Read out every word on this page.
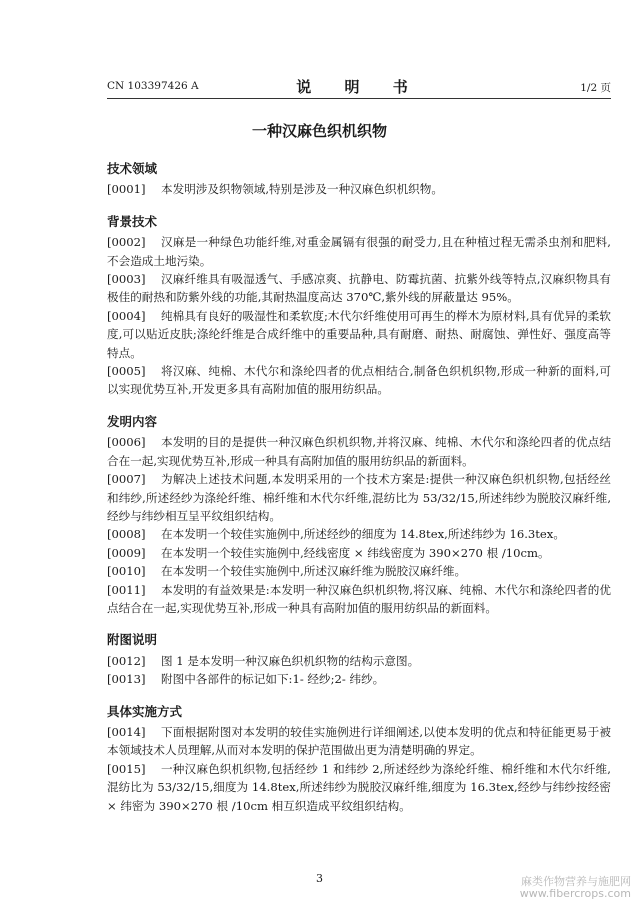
CN 103397426 A	说 明 书	1/2 页
一种汉麻色织机织物
技术领域
[0001]	本发明涉及织物领域,特别是涉及一种汉麻色织机织物。
背景技术
[0002]	汉麻是一种绿色功能纤维,对重金属镉有很强的耐受力,且在种植过程无需杀虫剂和肥料,不会造成土地污染。
[0003]	汉麻纤维具有吸湿透气、手感凉爽、抗静电、防霉抗菌、抗紫外线等特点,汉麻织物具有极佳的耐热和防紫外线的功能,其耐热温度高达 370℃,紫外线的屏蔽量达 95%。
[0004]	纯棉具有良好的吸湿性和柔软度;木代尔纤维使用可再生的榉木为原材料,具有优异的柔软度,可以贴近皮肤;涤纶纤维是合成纤维中的重要品种,具有耐磨、耐热、耐腐蚀、弹性好、强度高等特点。
[0005]	将汉麻、纯棉、木代尔和涤纶四者的优点相结合,制备色织机织物,形成一种新的面料,可以实现优势互补,开发更多具有高附加值的服用纺织品。
发明内容
[0006]	本发明的目的是提供一种汉麻色织机织物,并将汉麻、纯棉、木代尔和涤纶四者的优点结合在一起,实现优势互补,形成一种具有高附加值的服用纺织品的新面料。
[0007]	为解决上述技术问题,本发明采用的一个技术方案是:提供一种汉麻色织机织物,包括经丝和纬纱,所述经纱为涤纶纤维、棉纤维和木代尔纤维,混纺比为 53/32/15,所述纬纱为脱胶汉麻纤维,经纱与纬纱相互呈平纹组织结构。
[0008]	在本发明一个较佳实施例中,所述经纱的细度为 14.8tex,所述纬纱为 16.3tex。
[0009]	在本发明一个较佳实施例中,经线密度 × 纬线密度为 390×270 根 /10cm。
[0010]	在本发明一个较佳实施例中,所述汉麻纤维为脱胶汉麻纤维。
[0011]	本发明的有益效果是:本发明一种汉麻色织机织物,将汉麻、纯棉、木代尔和涤纶四者的优点结合在一起,实现优势互补,形成一种具有高附加值的服用纺织品的新面料。
附图说明
[0012]	图 1 是本发明一种汉麻色织机织物的结构示意图。
[0013]	附图中各部件的标记如下:1- 经纱;2- 纬纱。
具体实施方式
[0014]	下面根据附图对本发明的较佳实施例进行详细阐述,以使本发明的优点和特征能更易于被本领域技术人员理解,从而对本发明的保护范围做出更为清楚明确的界定。
[0015]	一种汉麻色织机织物,包括经纱 1 和纬纱 2,所述经纱为涤纶纤维、棉纤维和木代尔纤维,混纺比为 53/32/15,细度为 14.8tex,所述纬纱为脱胶汉麻纤维,细度为 16.3tex,经纱与纬纱按经密 × 纬密为 390×270 根 /10cm 相互织造成平纹组织结构。
3	麻类作物营养与施肥网
www.fibercrops.com
